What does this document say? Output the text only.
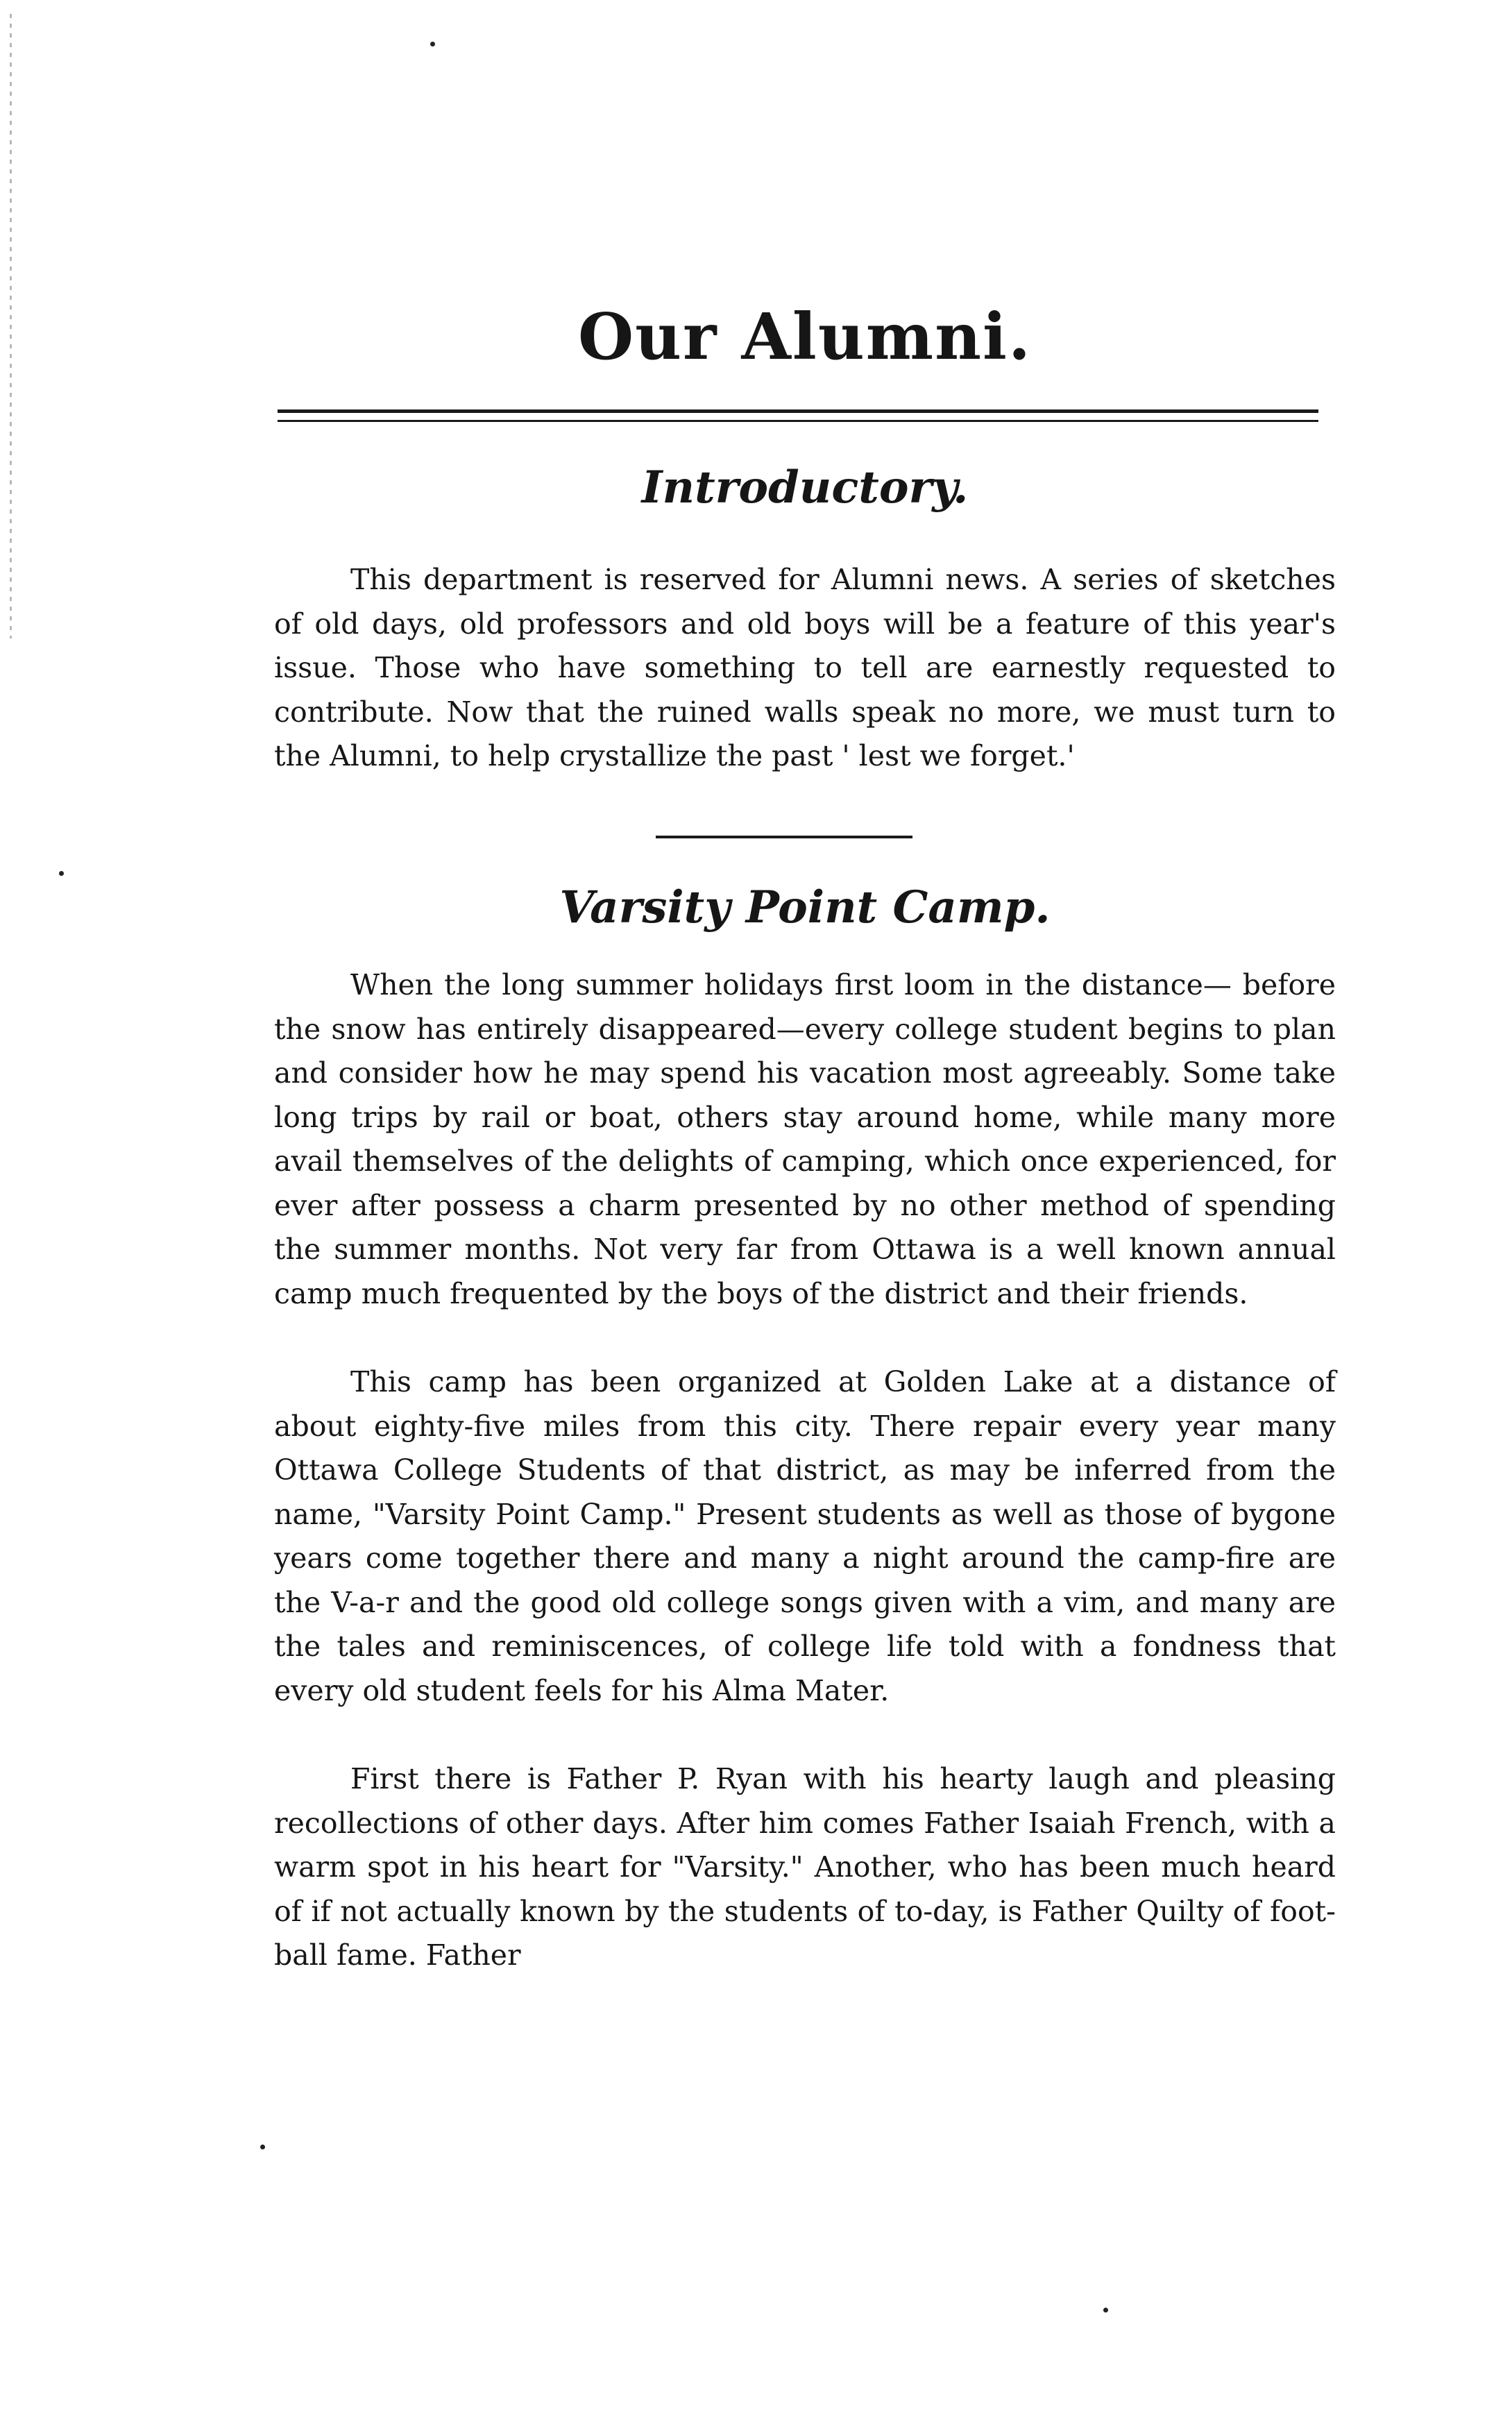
Our Alumni.
Introductory.

This department is reserved for Alumni news. A series of sketches of old days, old professors and old boys will be a feature of this year's issue. Those who have something to tell are earnestly requested to contribute. Now that the ruined walls speak no more, we must turn to the Alumni, to help crystallize the past ' lest we forget.'

Varsity Point Camp.

When the long summer holidays first loom in the distance— before the snow has entirely disappeared—every college student begins to plan and consider how he may spend his vacation most agreeably. Some take long trips by rail or boat, others stay around home, while many more avail themselves of the delights of camping, which once experienced, for ever after possess a charm presented by no other method of spending the summer months. Not very far from Ottawa is a well known annual camp much frequented by the boys of the district and their friends.

This camp has been organized at Golden Lake at a distance of about eighty-five miles from this city. There repair every year many Ottawa College Students of that district, as may be inferred from the name, "Varsity Point Camp." Present students as well as those of bygone years come together there and many a night around the camp-fire are the V-a-r and the good old college songs given with a vim, and many are the tales and reminiscences, of college life told with a fondness that every old student feels for his Alma Mater.

First there is Father P. Ryan with his hearty laugh and pleasing recollections of other days. After him comes Father Isaiah French, with a warm spot in his heart for "Varsity." Another, who has been much heard of if not actually known by the students of to-day, is Father Quilty of foot-ball fame. Father
